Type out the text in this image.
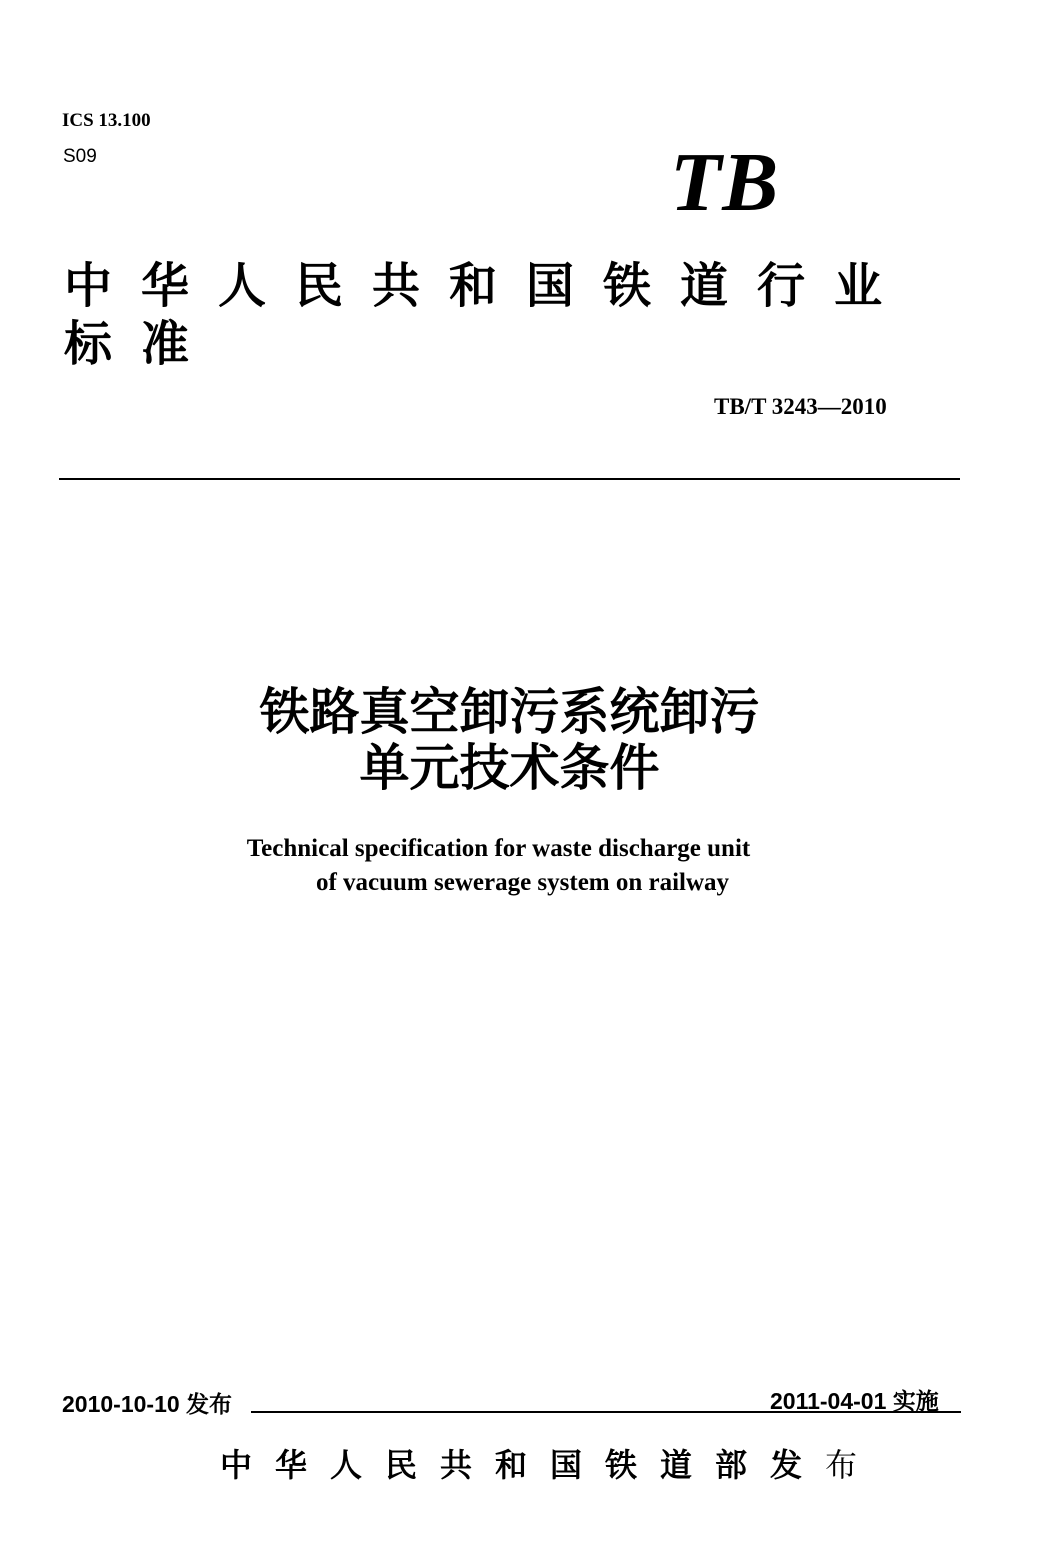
ICS 13.100
S09	TB
中华人民共和国铁道行业标准
TB/T 3243—2010
铁路真空卸污系统卸污
单元技术条件
Technical specification for waste discharge unit
of vacuum sewerage system on railway
2010-10-10 发布	2011-04-01 实施
中华人民共和国铁道部发布
